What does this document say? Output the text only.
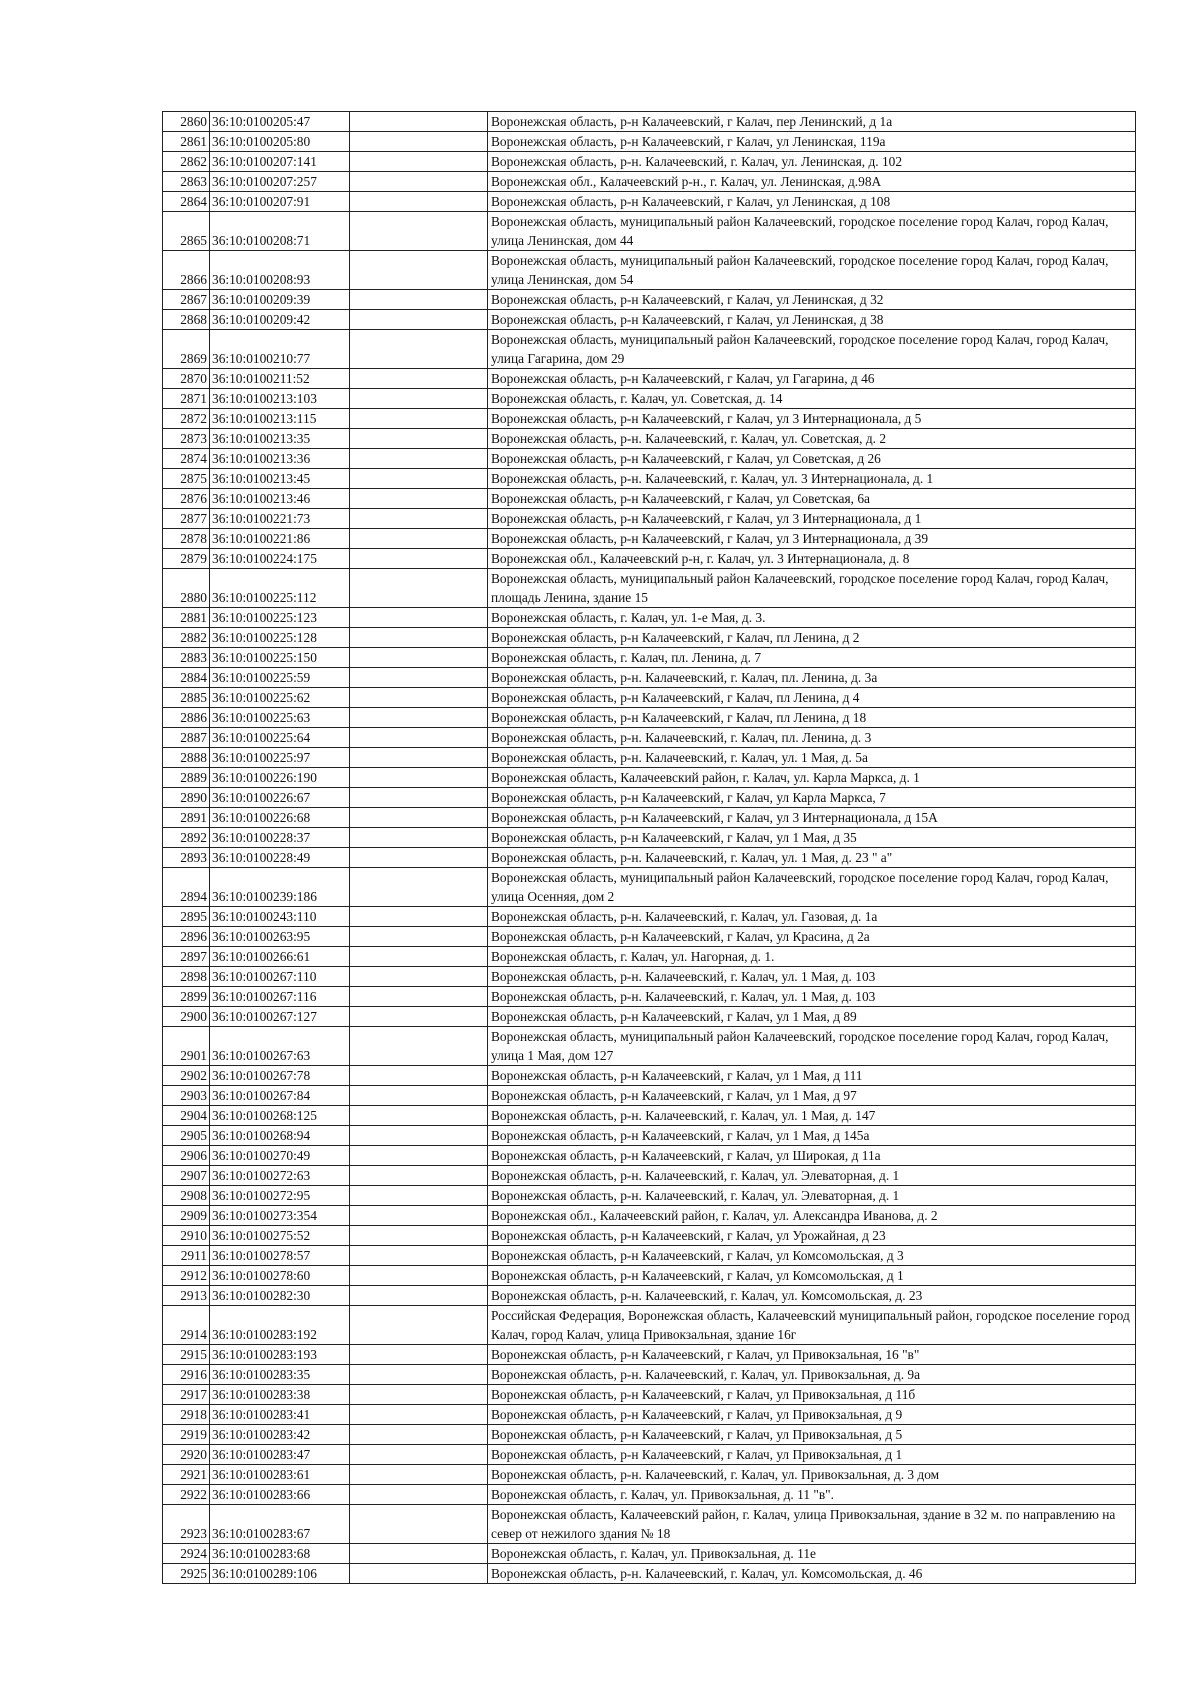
2860	36:10:0100205:47		Воронежская область, р-н Калачеевский, г Калач, пер Ленинский, д 1а
2861	36:10:0100205:80		Воронежская область, р-н Калачеевский, г Калач, ул Ленинская, 119а
2862	36:10:0100207:141		Воронежская область, р-н. Калачеевский, г. Калач, ул. Ленинская, д. 102
2863	36:10:0100207:257		Воронежская обл., Калачеевский р-н., г. Калач, ул. Ленинская, д.98А
2864	36:10:0100207:91		Воронежская область, р-н Калачеевский, г Калач, ул Ленинская, д 108
2865	36:10:0100208:71		Воронежская область, муниципальный район Калачеевский, городское поселение город Калач, город Калач, улица Ленинская, дом 44
2866	36:10:0100208:93		Воронежская область, муниципальный район Калачеевский, городское поселение город Калач, город Калач, улица Ленинская, дом 54
2867	36:10:0100209:39		Воронежская область, р-н Калачеевский, г Калач, ул Ленинская, д 32
2868	36:10:0100209:42		Воронежская область, р-н Калачеевский, г Калач, ул Ленинская, д 38
2869	36:10:0100210:77		Воронежская область, муниципальный район Калачеевский, городское поселение город Калач, город Калач, улица Гагарина, дом 29
2870	36:10:0100211:52		Воронежская область, р-н Калачеевский, г Калач, ул Гагарина, д 46
2871	36:10:0100213:103		Воронежская область, г. Калач, ул. Советская, д. 14
2872	36:10:0100213:115		Воронежская область, р-н Калачеевский, г Калач, ул 3 Интернационала, д 5
2873	36:10:0100213:35		Воронежская область, р-н. Калачеевский, г. Калач, ул. Советская, д. 2
2874	36:10:0100213:36		Воронежская область, р-н Калачеевский, г Калач, ул Советская, д 26
2875	36:10:0100213:45		Воронежская область, р-н. Калачеевский, г. Калач, ул. 3 Интернационала, д. 1
2876	36:10:0100213:46		Воронежская область, р-н Калачеевский, г Калач, ул Советская, 6а
2877	36:10:0100221:73		Воронежская область, р-н Калачеевский, г Калач, ул 3 Интернационала, д 1
2878	36:10:0100221:86		Воронежская область, р-н Калачеевский, г Калач, ул 3 Интернационала, д 39
2879	36:10:0100224:175		Воронежская обл., Калачеевский р-н, г. Калач, ул. 3 Интернационала, д. 8
2880	36:10:0100225:112		Воронежская область, муниципальный район Калачеевский, городское поселение город Калач, город Калач, площадь Ленина, здание 15
2881	36:10:0100225:123		Воронежская область, г. Калач, ул. 1-е Мая, д. 3.
2882	36:10:0100225:128		Воронежская область, р-н Калачеевский, г Калач, пл Ленина, д 2
2883	36:10:0100225:150		Воронежская область, г. Калач, пл. Ленина, д. 7
2884	36:10:0100225:59		Воронежская область, р-н. Калачеевский, г. Калач, пл. Ленина, д. 3а
2885	36:10:0100225:62		Воронежская область, р-н Калачеевский, г Калач, пл Ленина, д 4
2886	36:10:0100225:63		Воронежская область, р-н Калачеевский, г Калач, пл Ленина, д 18
2887	36:10:0100225:64		Воронежская область, р-н. Калачеевский, г. Калач, пл. Ленина, д. 3
2888	36:10:0100225:97		Воронежская область, р-н. Калачеевский, г. Калач, ул. 1 Мая, д. 5а
2889	36:10:0100226:190		Воронежская область, Калачеевский район, г. Калач, ул. Карла Маркса, д. 1
2890	36:10:0100226:67		Воронежская область, р-н Калачеевский, г Калач, ул Карла Маркса, 7
2891	36:10:0100226:68		Воронежская область, р-н Калачеевский, г Калач, ул 3 Интернационала, д 15А
2892	36:10:0100228:37		Воронежская область, р-н Калачеевский, г Калач, ул 1 Мая, д 35
2893	36:10:0100228:49		Воронежская область, р-н. Калачеевский, г. Калач, ул. 1 Мая, д. 23 " а"
2894	36:10:0100239:186		Воронежская область, муниципальный район Калачеевский, городское поселение город Калач, город Калач, улица Осенняя, дом 2
2895	36:10:0100243:110		Воронежская область, р-н. Калачеевский, г. Калач, ул. Газовая, д. 1а
2896	36:10:0100263:95		Воронежская область, р-н Калачеевский, г Калач, ул Красина, д 2а
2897	36:10:0100266:61		Воронежская область, г. Калач, ул. Нагорная, д. 1.
2898	36:10:0100267:110		Воронежская область, р-н. Калачеевский, г. Калач, ул. 1 Мая, д. 103
2899	36:10:0100267:116		Воронежская область, р-н. Калачеевский, г. Калач, ул. 1 Мая, д. 103
2900	36:10:0100267:127		Воронежская область, р-н Калачеевский, г Калач, ул 1 Мая, д 89
2901	36:10:0100267:63		Воронежская область, муниципальный район Калачеевский, городское поселение город Калач, город Калач, улица 1 Мая, дом 127
2902	36:10:0100267:78		Воронежская область, р-н Калачеевский, г Калач, ул 1 Мая, д 111
2903	36:10:0100267:84		Воронежская область, р-н Калачеевский, г Калач, ул 1 Мая, д 97
2904	36:10:0100268:125		Воронежская область, р-н. Калачеевский, г. Калач, ул. 1 Мая, д. 147
2905	36:10:0100268:94		Воронежская область, р-н Калачеевский, г Калач, ул 1 Мая, д 145а
2906	36:10:0100270:49		Воронежская область, р-н Калачеевский, г Калач, ул Широкая, д 11а
2907	36:10:0100272:63		Воронежская область, р-н. Калачеевский, г. Калач, ул. Элеваторная, д. 1
2908	36:10:0100272:95		Воронежская область, р-н. Калачеевский, г. Калач, ул. Элеваторная, д. 1
2909	36:10:0100273:354		Воронежская обл., Калачеевский район, г. Калач, ул. Александра Иванова, д. 2
2910	36:10:0100275:52		Воронежская область, р-н Калачеевский, г Калач, ул Урожайная, д 23
2911	36:10:0100278:57		Воронежская область, р-н Калачеевский, г Калач, ул Комсомольская, д 3
2912	36:10:0100278:60		Воронежская область, р-н Калачеевский, г Калач, ул Комсомольская, д 1
2913	36:10:0100282:30		Воронежская область, р-н. Калачеевский, г. Калач, ул. Комсомольская, д. 23
2914	36:10:0100283:192		Российская Федерация, Воронежская область, Калачеевский муниципальный район, городское поселение город Калач, город Калач, улица Привокзальная, здание 16г
2915	36:10:0100283:193		Воронежская область, р-н Калачеевский, г Калач, ул Привокзальная, 16 "в"
2916	36:10:0100283:35		Воронежская область, р-н. Калачеевский, г. Калач, ул. Привокзальная, д. 9а
2917	36:10:0100283:38		Воронежская область, р-н Калачеевский, г Калач, ул Привокзальная, д 11б
2918	36:10:0100283:41		Воронежская область, р-н Калачеевский, г Калач, ул Привокзальная, д 9
2919	36:10:0100283:42		Воронежская область, р-н Калачеевский, г Калач, ул Привокзальная, д 5
2920	36:10:0100283:47		Воронежская область, р-н Калачеевский, г Калач, ул Привокзальная, д 1
2921	36:10:0100283:61		Воронежская область, р-н. Калачеевский, г. Калач, ул. Привокзальная, д. 3 дом
2922	36:10:0100283:66		Воронежская область, г. Калач, ул. Привокзальная, д. 11 "в".
2923	36:10:0100283:67		Воронежская область, Калачеевский район, г. Калач, улица Привокзальная, здание в 32 м. по направлению на север от нежилого здания № 18
2924	36:10:0100283:68		Воронежская область, г. Калач, ул. Привокзальная, д. 11е
2925	36:10:0100289:106		Воронежская область, р-н. Калачеевский, г. Калач, ул. Комсомольская, д. 46
